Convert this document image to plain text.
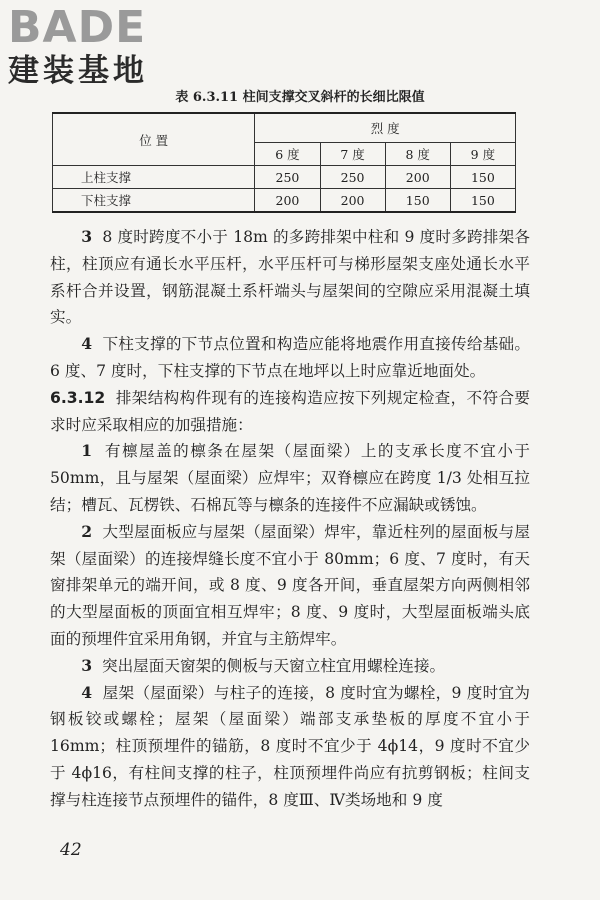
BADE
建装基地
表 6.3.11 柱间支撑交叉斜杆的长细比限值
位 置	烈 度			
	6 度	7 度	8 度	9 度
上柱支撑	250	250	200	150
下柱支撑	200	200	150	150

3 8 度时跨度不小于 18m 的多跨排架中柱和 9 度时多跨排架各柱，柱顶应有通长水平压杆，水平压杆可与梯形屋架支座处通长水平系杆合并设置，钢筋混凝土系杆端头与屋架间的空隙应采用混凝土填实。

4 下柱支撑的下节点位置和构造应能将地震作用直接传给基础。6 度、7 度时，下柱支撑的下节点在地坪以上时应靠近地面处。

6.3.12 排架结构构件现有的连接构造应按下列规定检查，不符合要求时应采取相应的加强措施：

1 有檩屋盖的檩条在屋架（屋面梁）上的支承长度不宜小于 50mm，且与屋架（屋面梁）应焊牢；双脊檩应在跨度 1/3 处相互拉结；槽瓦、瓦楞铁、石棉瓦等与檩条的连接件不应漏缺或锈蚀。

2 大型屋面板应与屋架（屋面梁）焊牢，靠近柱列的屋面板与屋架（屋面梁）的连接焊缝长度不宜小于 80mm；6 度、7 度时，有天窗排架单元的端开间，或 8 度、9 度各开间，垂直屋架方向两侧相邻的大型屋面板的顶面宜相互焊牢；8 度、9 度时，大型屋面板端头底面的预埋件宜采用角钢，并宜与主筋焊牢。

3 突出屋面天窗架的侧板与天窗立柱宜用螺栓连接。

4 屋架（屋面梁）与柱子的连接，8 度时宜为螺栓，9 度时宜为钢板铰或螺栓；屋架（屋面梁）端部支承垫板的厚度不宜小于 16mm；柱顶预埋件的锚筋，8 度时不宜少于 4ϕ14，9 度时不宜少于 4ϕ16，有柱间支撑的柱子，柱顶预埋件尚应有抗剪钢板；柱间支撑与柱连接节点预埋件的锚件，8 度Ⅲ、Ⅳ类场地和 9 度

42
